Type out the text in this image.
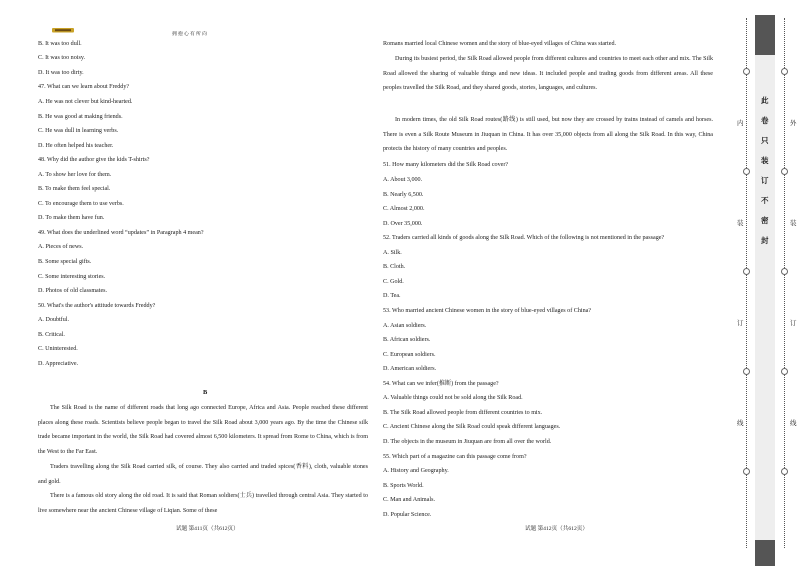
拥 抱 心 有 所 向
B. It was too dull.
C. It was too noisy.
D. It was too dirty.
47. What can we learn about Freddy?
A. He was not clever but kind-hearted.
B. He was good at making friends.
C. He was dull in learning verbs.
D. He often helped his teacher.
48. Why did the author give the kids T-shirts?
A. To show her love for them.
B. To make them feel special.
C. To encourage them to use verbs.
D. To make them have fun.
49. What does the underlined word “updates” in Paragraph 4 mean?
A. Pieces of news.
B. Some special gifts.
C. Some interesting stories.
D. Photos of old classmates.
50. What's the author's attitude towards Freddy?
A. Doubtful.
B. Critical.
C. Uninterested.
D. Appreciative.
B

The Silk Road is the name of different roads that long ago connected Europe, Africa and Asia. People reached these different places along these roads. Scientists believe people began to travel the Silk Road about 3,000 years ago. By the time the Chinese silk trade became important in the world, the Silk Road had covered almost 6,500 kilometers. It spread from Rome to China, which is from the West to the Far East.

Traders travelling along the Silk Road carried silk, of course. They also carried and traded spices(香料), cloth, valuable stones and gold.

There is a famous old story along the old road. It is said that Roman soldiers(士兵) travelled through central Asia. They started to live somewhere near the ancient Chinese village of Liqian. Some of these

Romans married local Chinese women and the story of blue-eyed villages of China was started.

During its busiest period, the Silk Road allowed people from different cultures and countries to meet each other and mix. The Silk Road allowed the sharing of valuable things and new ideas. It included people and trading goods from different areas. All these peoples travelled the Silk Road, and they shared goods, stories, languages, and cultures.

In modern times, the old Silk Road routes(路线) is still used, but now they are crossed by trains instead of camels and horses. There is even a Silk Route Museum in Jiuquan in China. It has over 35,000 objects from all along the Silk Road. In this way, China protects the history of many countries and peoples.

51. How many kilometers did the Silk Road cover?
A. About 3,000.
B. Nearly 6,500.
C. Almost 2,000.
D. Over 35,000.
52. Traders carried all kinds of goods along the Silk Road. Which of the following is not mentioned in the passage?
A. Silk.
B. Cloth.
C. Gold.
D. Tea.
53. Who married ancient Chinese women in the story of blue-eyed villages of China?
A. Asian soldiers.
B. African soldiers.
C. European soldiers.
D. American soldiers.
54. What can we infer(推断) from the passage?
A. Valuable things could not be sold along the Silk Road.
B. The Silk Road allowed people from different countries to mix.
C. Ancient Chinese along the Silk Road could speak different languages.
D. The objects in the museum in Jiuquan are from all over the world.
55. Which part of a magazine can this passage come from?
A. History and Geography.
B. Sports World.
C. Man and Animals.
D. Popular Science.
试题 第411页（共612页）	试题 第412页（共612页）
内
装
订
线
外
装
订
线
此
卷
只
装
订
不
密
封
